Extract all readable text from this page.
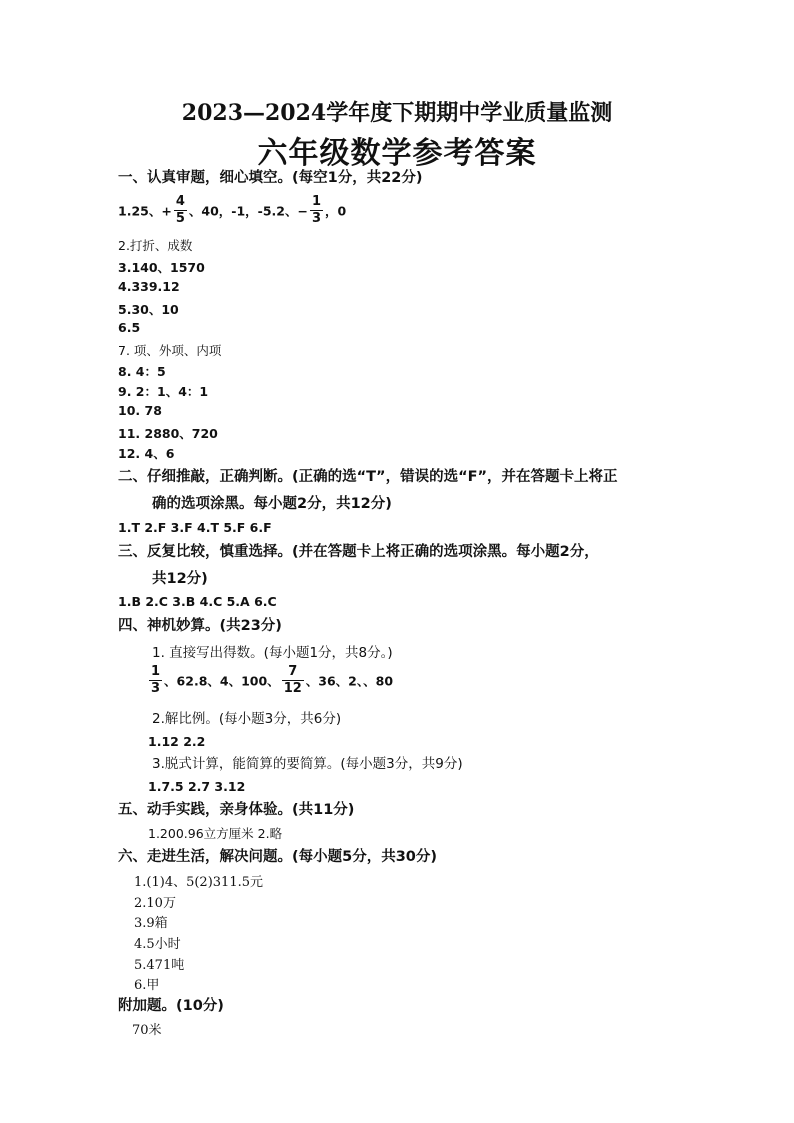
2023—2024学年度下期期中学业质量监测
六年级数学参考答案
一、认真审题，细心填空。(每空1分，共22分)
1.25、+ $\frac{4}{5}$ 、40，-1，-5.2、− $\frac{1}{3}$ ，0
2.打折、成数
3.140、1570
4.339.12
5.30、10
6.5
7. 项、外项、内项
8. 4：5
9. 2：1、4：1
10. 78
11. 2880、720
12. 4、6
二、仔细推敲，正确判断。(正确的选“T”，错误的选“F”，并在答题卡上将正
确的选项涂黑。每小题2分，共12分)
1.T 2.F 3.F 4.T 5.F 6.F
三、反复比较，慎重选择。(并在答题卡上将正确的选项涂黑。每小题2分，
共12分)
1.B 2.C 3.B 4.C 5.A 6.C
四、神机妙算。(共23分)
1. 直接写出得数。(每小题1分，共8分。)
$\frac{1}{3}$ 、62.8、4、100、 $\frac{7}{12}$ 、36、2、、80
2.解比例。(每小题3分，共6分)
1.12 2.2
3.脱式计算，能简算的要简算。(每小题3分，共9分)
1.7.5 2.7 3.12
五、动手实践，亲身体验。(共11分)
1.200.96立方厘米 2.略
六、走进生活，解决问题。(每小题5分，共30分)
1.(1)4、5(2)311.5元
2.10万
3.9箱
4.5小时
5.471吨
6.甲
附加题。(10分)
70米
